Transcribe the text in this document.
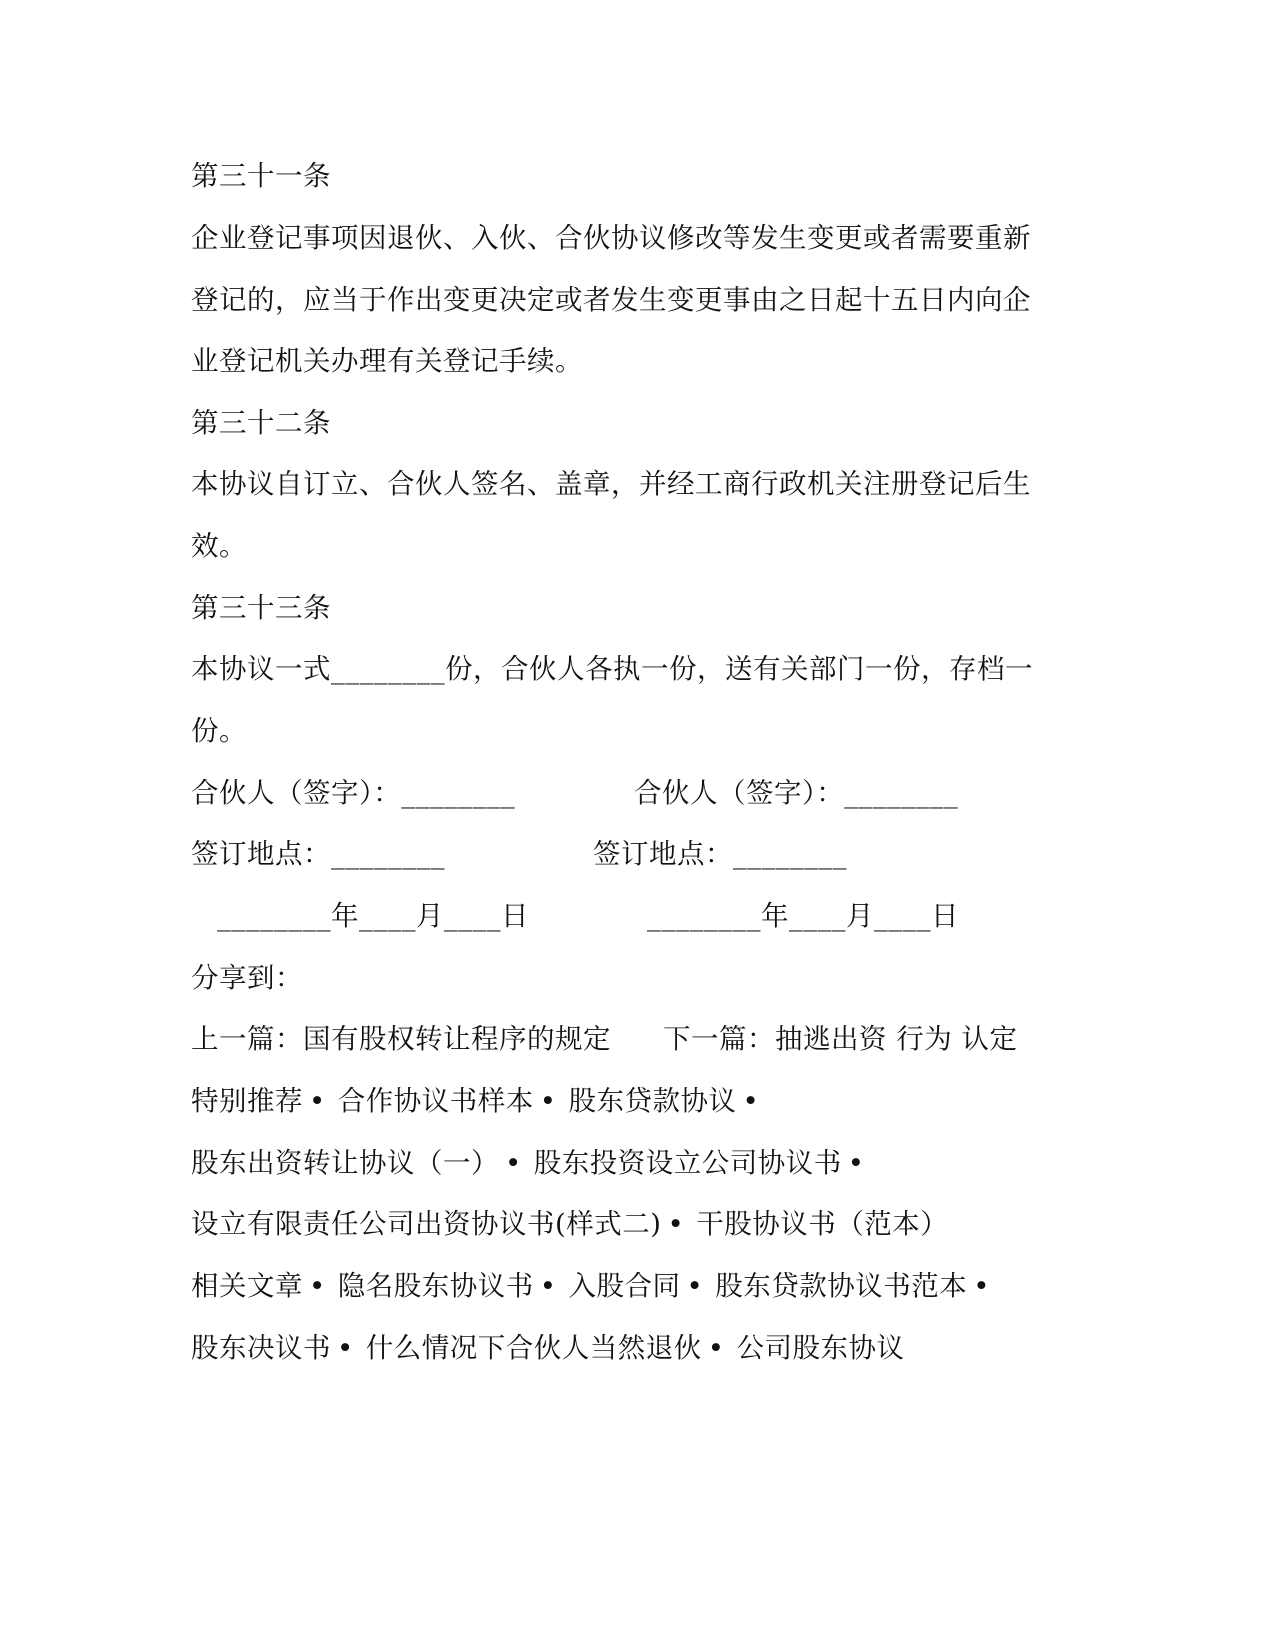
第三十一条
企业登记事项因退伙、入伙、合伙协议修改等发生变更或者需要重新
登记的，应当于作出变更决定或者发生变更事由之日起十五日内向企
业登记机关办理有关登记手续。
第三十二条
本协议自订立、合伙人签名、盖章，并经工商行政机关注册登记后生
效。
第三十三条
本协议一式________份，合伙人各执一份，送有关部门一份，存档一
份。
合伙人（签字）：________	合伙人（签字）：________
签订地点：________	签订地点：________
________年____月____日	________年____月____日
分享到：
上一篇：国有股权转让程序的规定 下一篇：抽逃出资 行为 认定
特别推荐 • 合作协议书样本 • 股东贷款协议 •
股东出资转让协议（一） • 股东投资设立公司协议书 •
设立有限责任公司出资协议书(样式二) • 干股协议书（范本）
相关文章 • 隐名股东协议书 • 入股合同 • 股东贷款协议书范本 •
股东决议书 • 什么情况下合伙人当然退伙 • 公司股东协议
